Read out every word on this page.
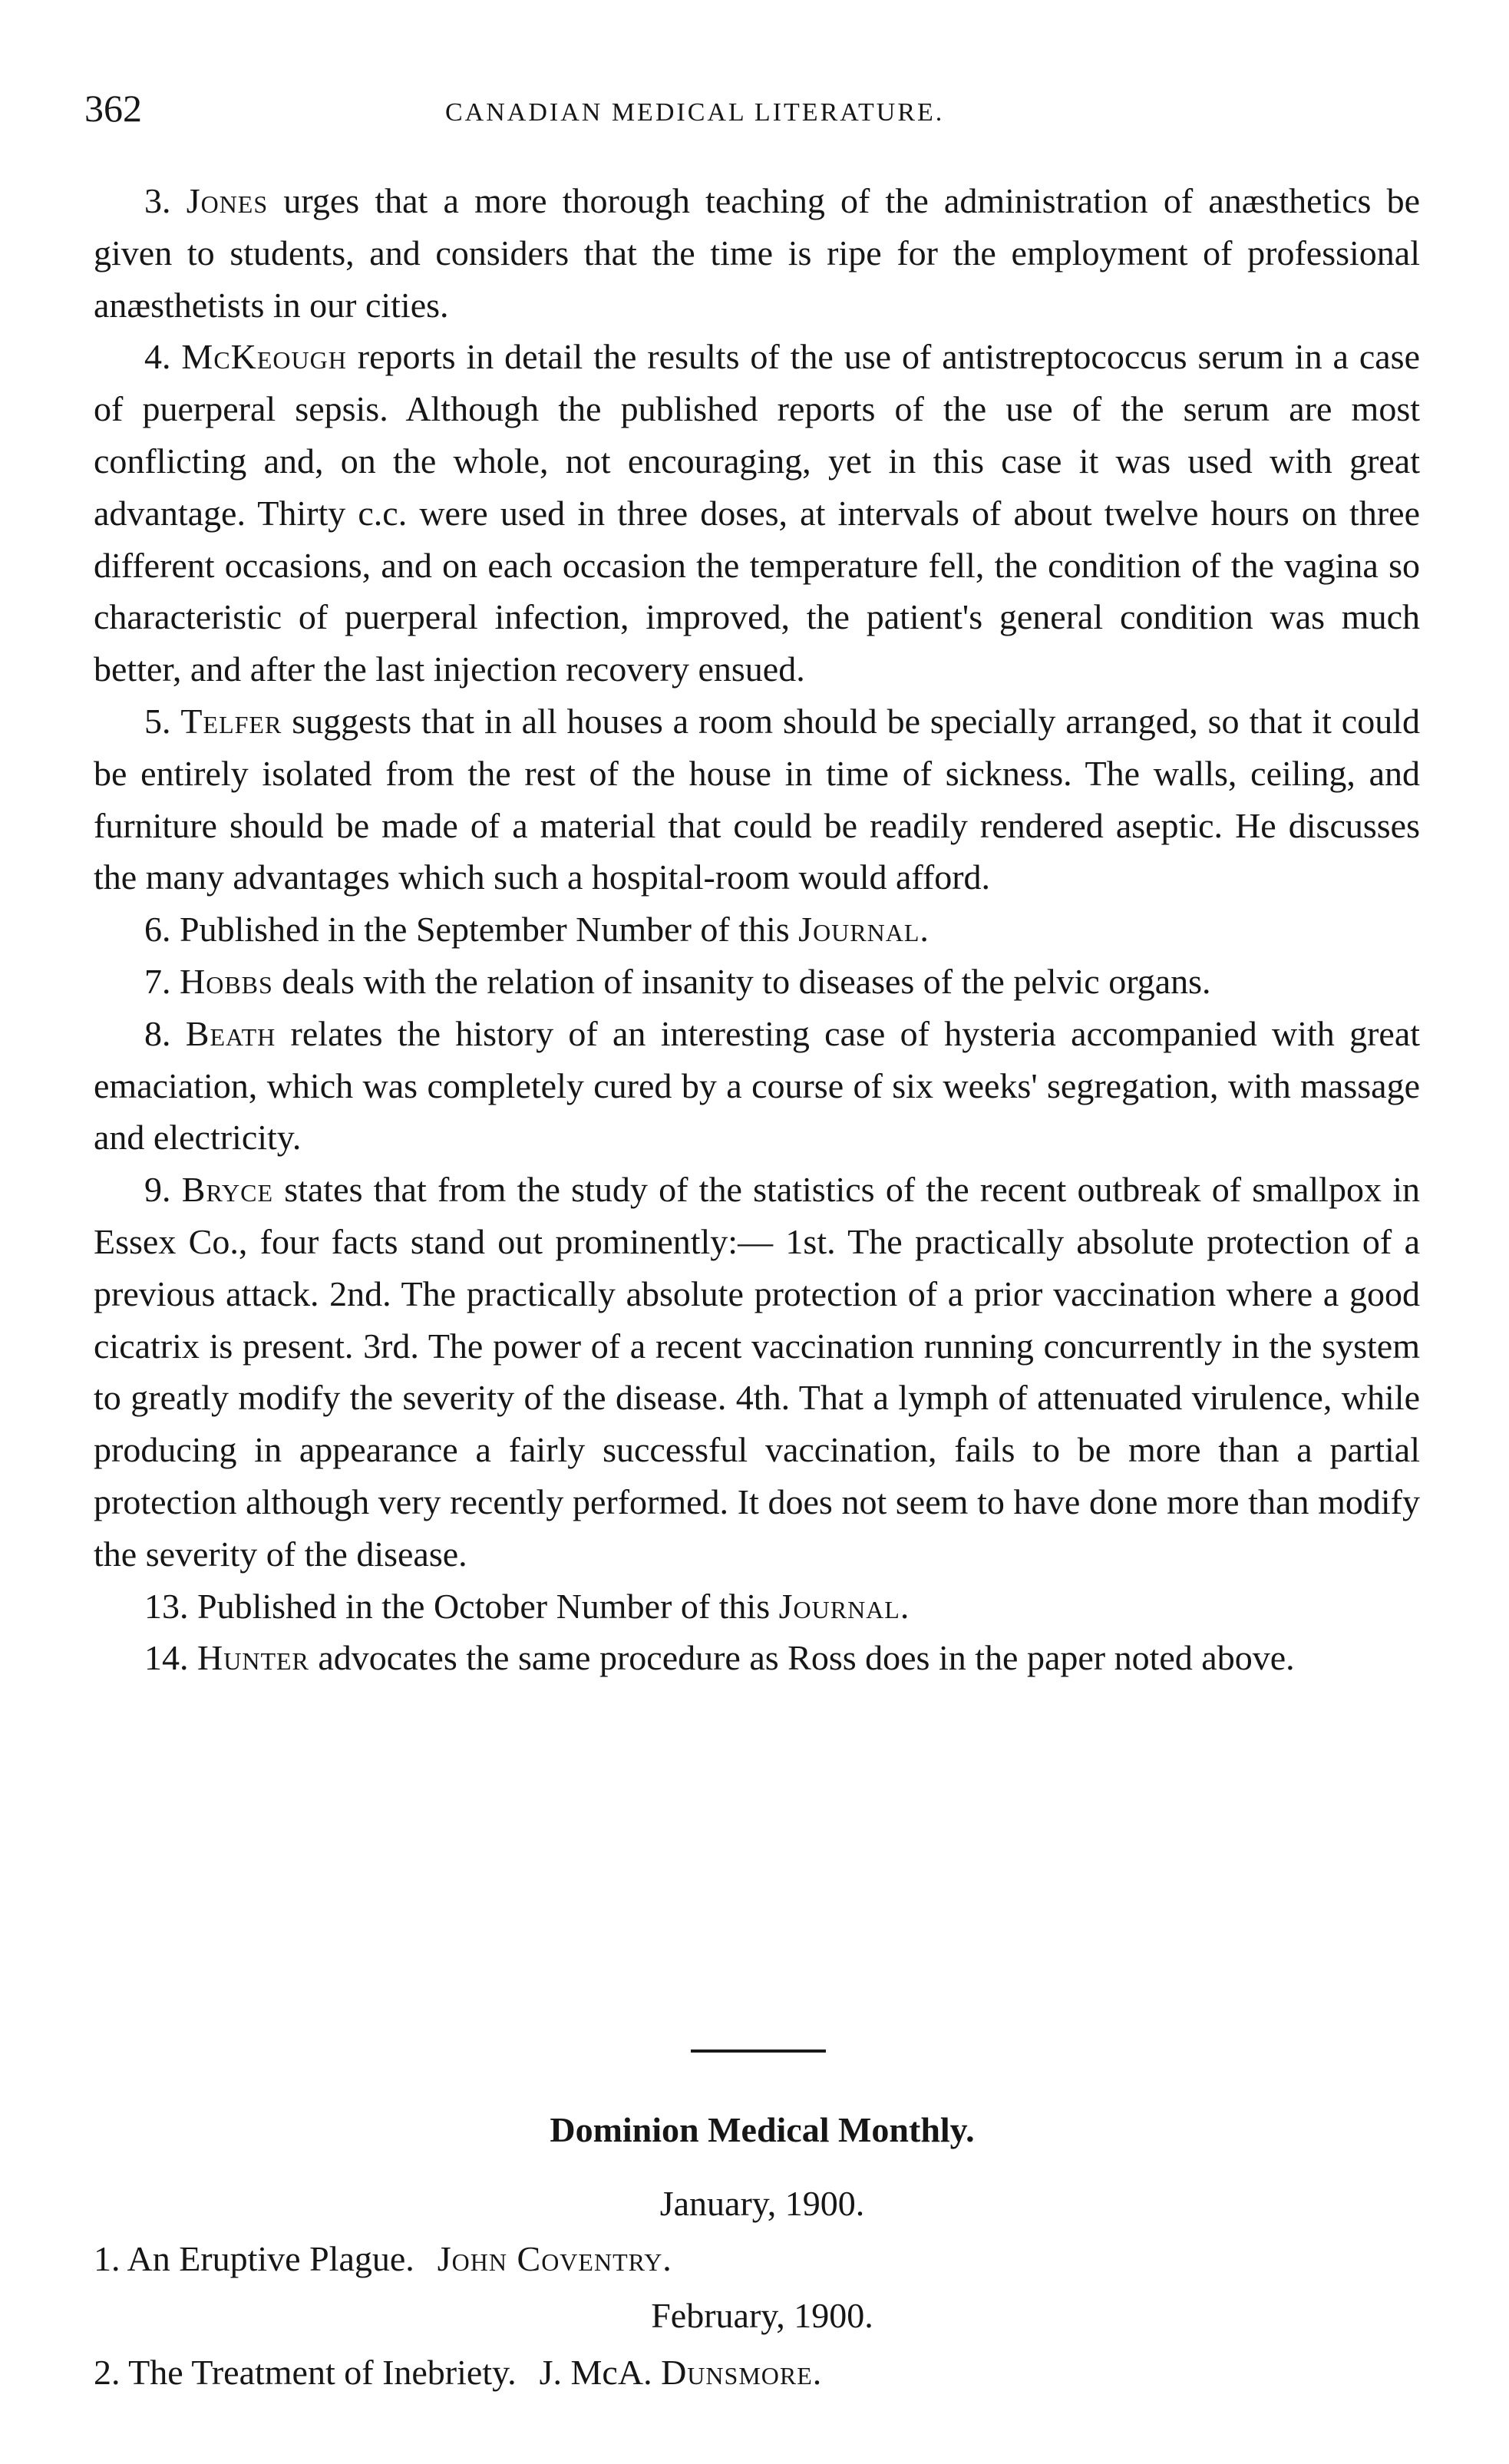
362	CANADIAN MEDICAL LITERATURE.

3. Jones urges that a more thorough teaching of the administration of anæsthetics be given to students, and considers that the time is ripe for the employment of professional anæsthetists in our cities.

4. McKeough reports in detail the results of the use of antistreptococcus serum in a case of puerperal sepsis. Although the published reports of the use of the serum are most conflicting and, on the whole, not encouraging, yet in this case it was used with great advantage. Thirty c.c. were used in three doses, at intervals of about twelve hours on three different occasions, and on each occasion the temperature fell, the condition of the vagina so characteristic of puerperal infection, improved, the patient's general condition was much better, and after the last injection recovery ensued.

5. Telfer suggests that in all houses a room should be specially arranged, so that it could be entirely isolated from the rest of the house in time of sickness. The walls, ceiling, and furniture should be made of a material that could be readily rendered aseptic. He discusses the many advantages which such a hospital-room would afford.

6. Published in the September Number of this Journal.

7. Hobbs deals with the relation of insanity to diseases of the pelvic organs.

8. Beath relates the history of an interesting case of hysteria accompanied with great emaciation, which was completely cured by a course of six weeks' segregation, with massage and electricity.

9. Bryce states that from the study of the statistics of the recent outbreak of smallpox in Essex Co., four facts stand out prominently:— 1st. The practically absolute protection of a previous attack. 2nd. The practically absolute protection of a prior vaccination where a good cicatrix is present. 3rd. The power of a recent vaccination running concurrently in the system to greatly modify the severity of the disease. 4th. That a lymph of attenuated virulence, while producing in appearance a fairly successful vaccination, fails to be more than a partial protection although very recently performed. It does not seem to have done more than modify the severity of the disease.

13. Published in the October Number of this Journal.

14. Hunter advocates the same procedure as Ross does in the paper noted above.

Dominion Medical Monthly.
January, 1900.
1. An Eruptive Plague. John Coventry.
February, 1900.
2. The Treatment of Inebriety. J. McA. Dunsmore.
